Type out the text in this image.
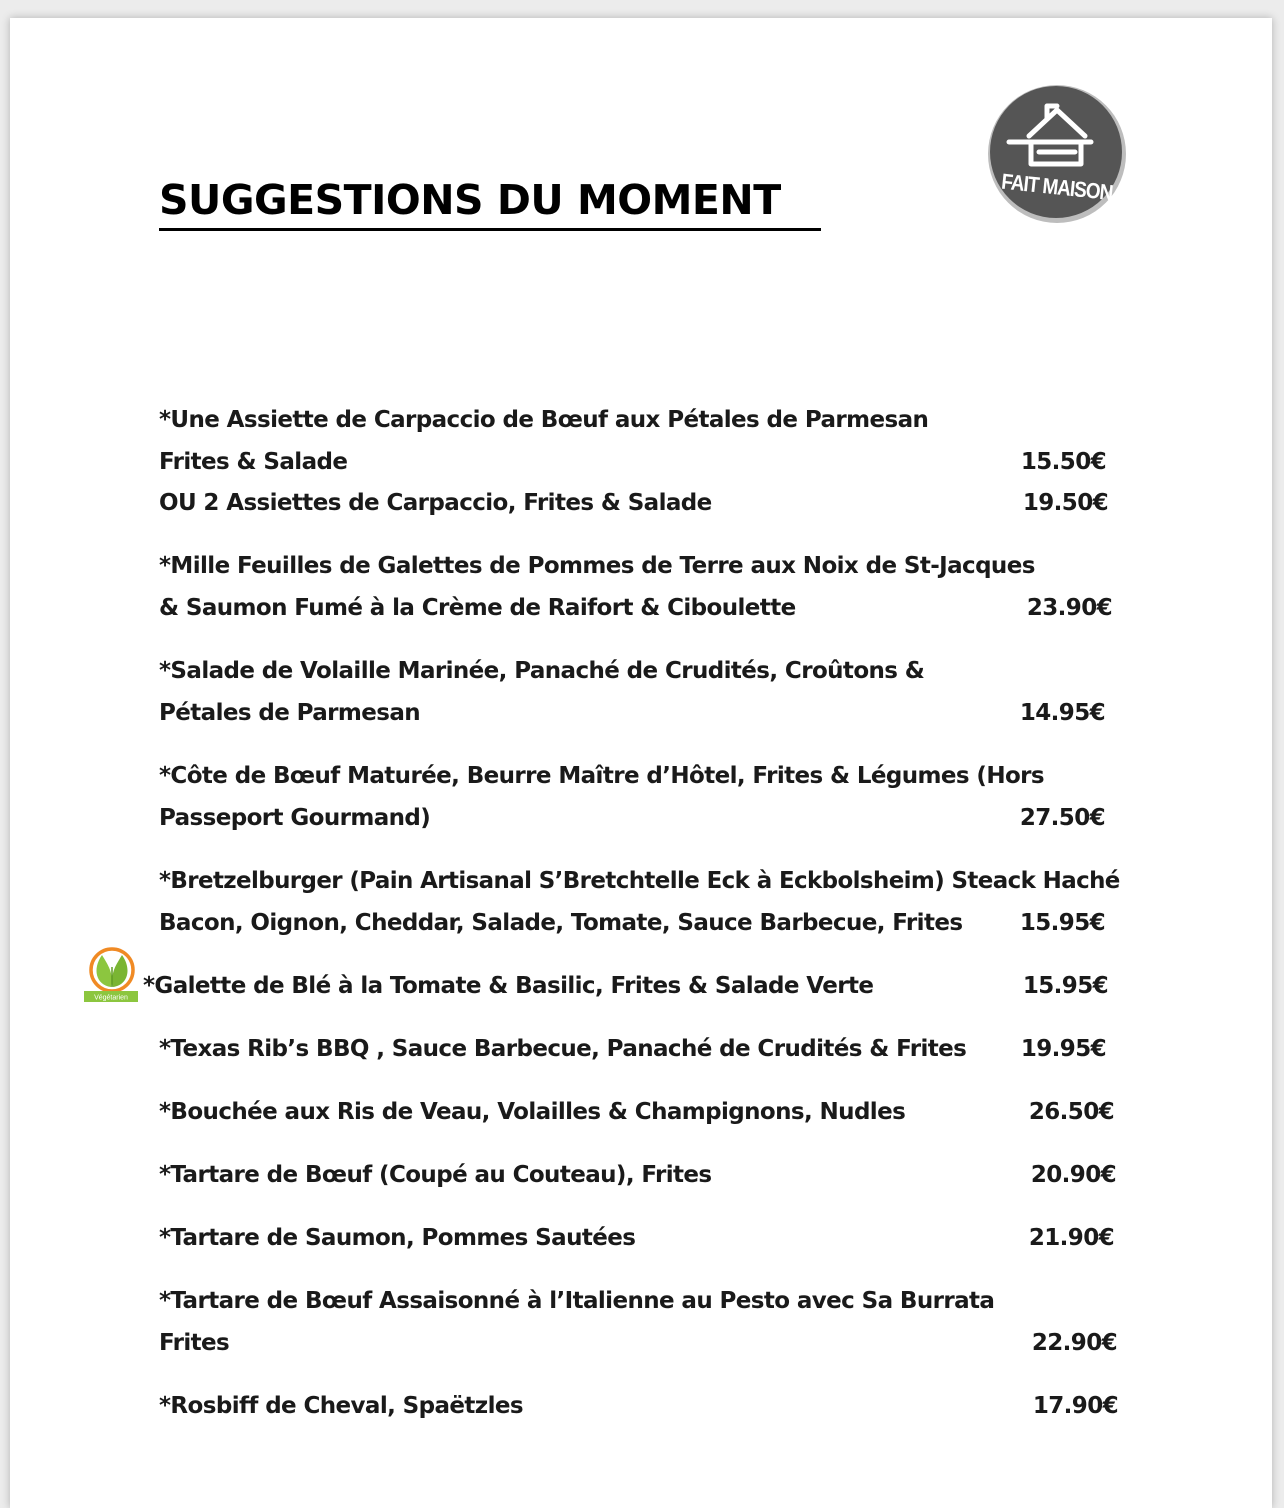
SUGGESTIONS DU MOMENT	FAIT MAISON
*Une Assiette de Carpaccio de Bœuf aux Pétales de Parmesan
Frites & Salade	15.50€
OU 2 Assiettes de Carpaccio, Frites & Salade	19.50€
*Mille Feuilles de Galettes de Pommes de Terre aux Noix de St-Jacques
& Saumon Fumé à la Crème de Raifort & Ciboulette	23.90€
*Salade de Volaille Marinée, Panaché de Crudités, Croûtons &
Pétales de Parmesan	14.95€
*Côte de Bœuf Maturée, Beurre Maître d’Hôtel, Frites & Légumes (Hors
Passeport Gourmand)	27.50€
*Bretzelburger (Pain Artisanal S’Bretchtelle Eck à Eckbolsheim) Steack Haché
Bacon, Oignon, Cheddar, Salade, Tomate, Sauce Barbecue, Frites	15.95€
Végétarien *Galette de Blé à la Tomate & Basilic, Frites & Salade Verte	15.95€
*Texas Rib’s BBQ , Sauce Barbecue, Panaché de Crudités & Frites	19.95€
*Bouchée aux Ris de Veau, Volailles & Champignons, Nudles	26.50€
*Tartare de Bœuf (Coupé au Couteau), Frites	20.90€
*Tartare de Saumon, Pommes Sautées	21.90€
*Tartare de Bœuf Assaisonné à l’Italienne au Pesto avec Sa Burrata
Frites	22.90€
*Rosbiff de Cheval, Spaëtzles	17.90€
